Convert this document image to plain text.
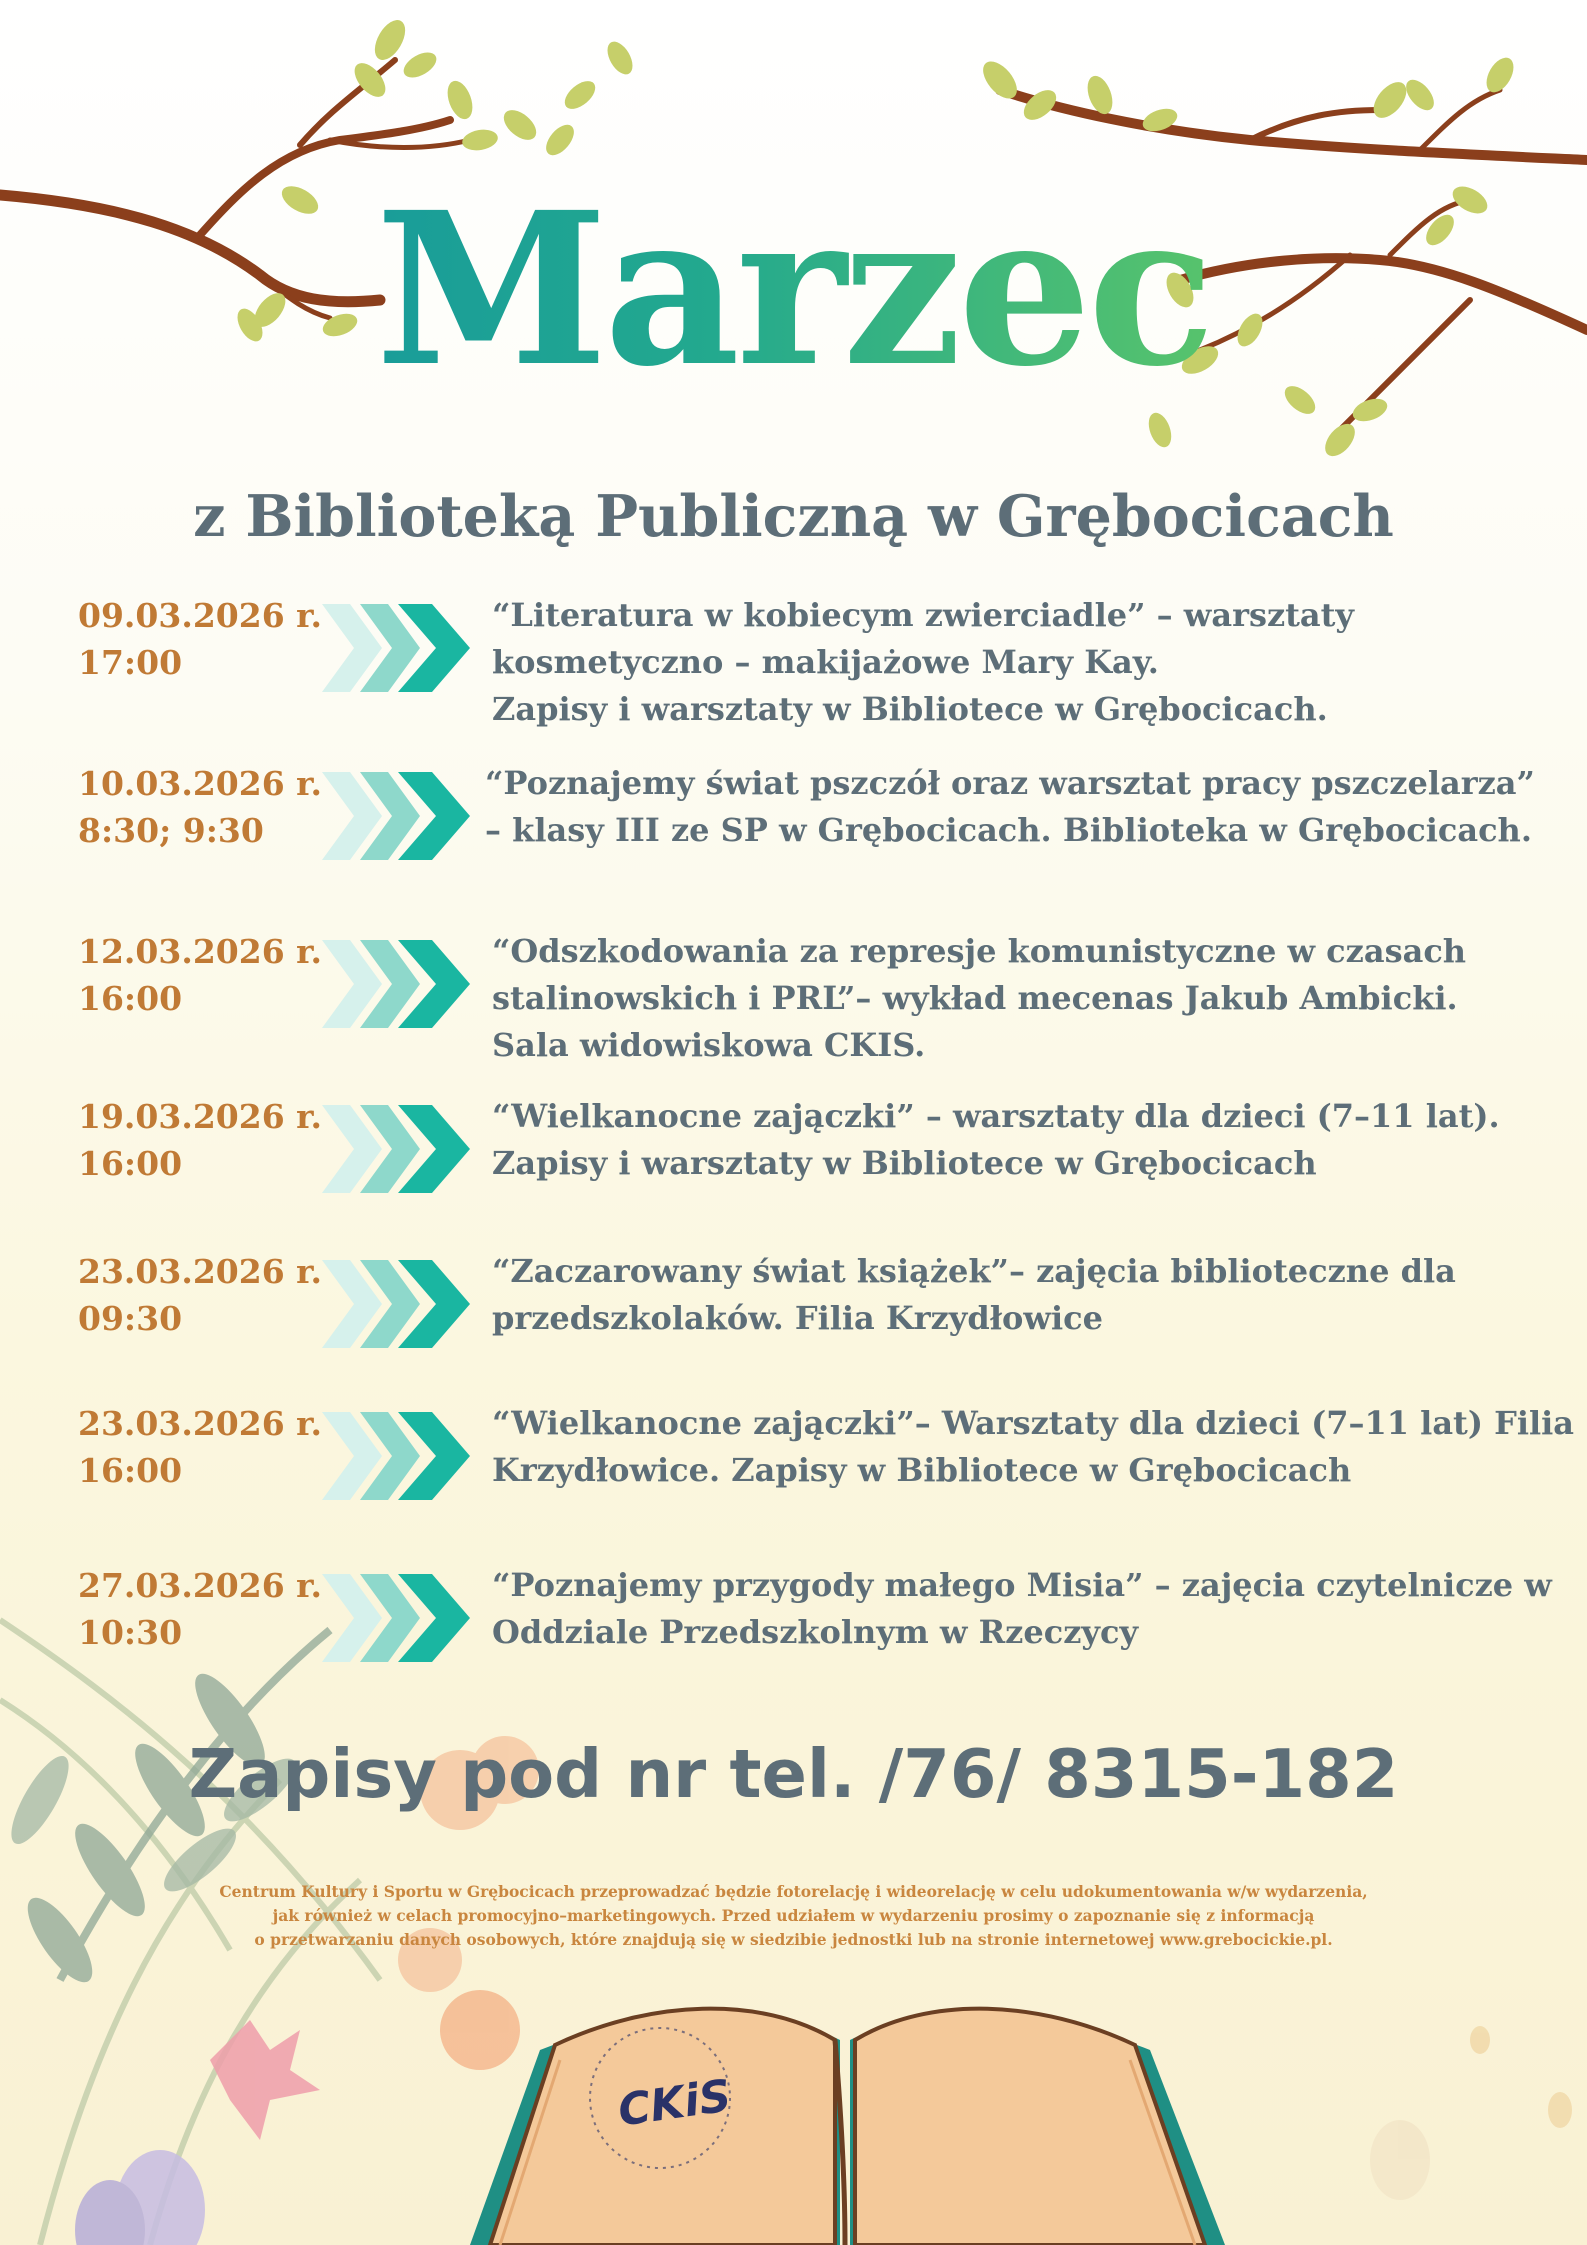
Marzec
z Biblioteką Publiczną w Grębocicach
09.03.2026 r.
17:00
“Literatura w kobiecym zwierciadle” – warsztaty
kosmetyczno – makijażowe Mary Kay.
Zapisy i warsztaty w Bibliotece w Grębocicach.
10.03.2026 r.
8:30; 9:30
“Poznajemy świat pszczół oraz warsztat pracy pszczelarza”
– klasy III ze SP w Grębocicach. Biblioteka w Grębocicach.
12.03.2026 r.
16:00
“Odszkodowania za represje komunistyczne w czasach
stalinowskich i PRL”– wykład mecenas Jakub Ambicki.
Sala widowiskowa CKIS.
19.03.2026 r.
16:00
“Wielkanocne zajączki” – warsztaty dla dzieci (7–11 lat).
Zapisy i warsztaty w Bibliotece w Grębocicach
23.03.2026 r.
09:30
“Zaczarowany świat książek”– zajęcia biblioteczne dla
przedszkolaków. Filia Krzydłowice
23.03.2026 r.
16:00
“Wielkanocne zajączki”– Warsztaty dla dzieci (7–11 lat) Filia
Krzydłowice. Zapisy w Bibliotece w Grębocicach
27.03.2026 r.
10:30
“Poznajemy przygody małego Misia” – zajęcia czytelnicze w
Oddziale Przedszkolnym w Rzeczycy
Zapisy pod nr tel. /76/ 8315-182
Centrum Kultury i Sportu w Grębocicach przeprowadzać będzie fotorelację i wideorelację w celu udokumentowania w/w wydarzenia,
jak również w celach promocyjno–marketingowych. Przed udziałem w wydarzeniu prosimy o zapoznanie się z informacją
o przetwarzaniu danych osobowych, które znajdują się w siedzibie jednostki lub na stronie internetowej www.grebocickie.pl.
CKiS
